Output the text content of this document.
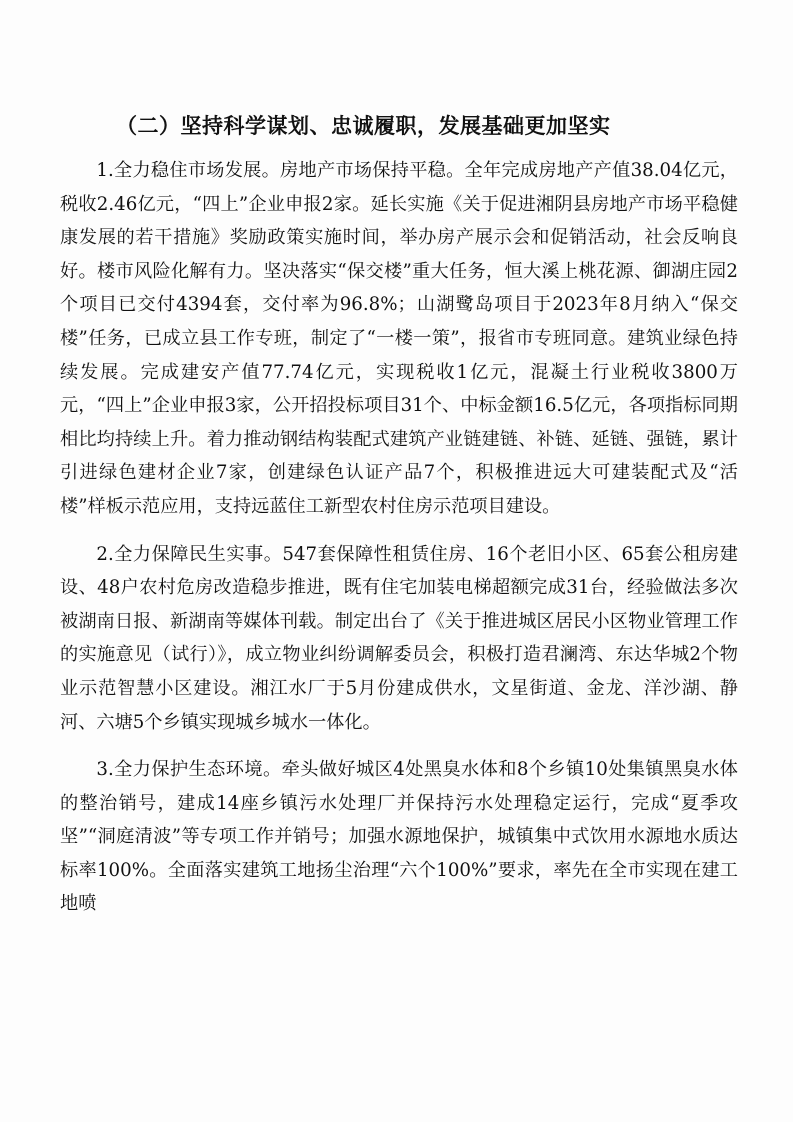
（二）坚持科学谋划、忠诚履职，发展基础更加坚实

1.全力稳住市场发展。房地产市场保持平稳。全年完成房地产产值38.04亿元，税收2.46亿元，“四上”企业申报2家。延长实施《关于促进湘阴县房地产市场平稳健康发展的若干措施》奖励政策实施时间，举办房产展示会和促销活动，社会反响良好。楼市风险化解有力。坚决落实“保交楼”重大任务，恒大溪上桃花源、御湖庄园2个项目已交付4394套，交付率为96.8%；山湖鹭岛项目于2023年8月纳入“保交楼”任务，已成立县工作专班，制定了“一楼一策”，报省市专班同意。建筑业绿色持续发展。完成建安产值77.74亿元，实现税收1亿元，混凝土行业税收3800万元，“四上”企业申报3家，公开招投标项目31个、中标金额16.5亿元，各项指标同期相比均持续上升。着力推动钢结构装配式建筑产业链建链、补链、延链、强链，累计引进绿色建材企业7家，创建绿色认证产品7个，积极推进远大可建装配式及“活楼”样板示范应用，支持远蓝住工新型农村住房示范项目建设。

2.全力保障民生实事。547套保障性租赁住房、16个老旧小区、65套公租房建设、48户农村危房改造稳步推进，既有住宅加装电梯超额完成31台，经验做法多次被湖南日报、新湖南等媒体刊载。制定出台了《关于推进城区居民小区物业管理工作的实施意见（试行）》，成立物业纠纷调解委员会，积极打造君澜湾、东达华城2个物业示范智慧小区建设。湘江水厂于5月份建成供水，文星街道、金龙、洋沙湖、静河、六塘5个乡镇实现城乡城水一体化。

3.全力保护生态环境。牵头做好城区4处黑臭水体和8个乡镇10处集镇黑臭水体的整治销号，建成14座乡镇污水处理厂并保持污水处理稳定运行，完成“夏季攻坚”“洞庭清波”等专项工作并销号；加强水源地保护，城镇集中式饮用水源地水质达标率100%。全面落实建筑工地扬尘治理“六个100%”要求，率先在全市实现在建工地喷
